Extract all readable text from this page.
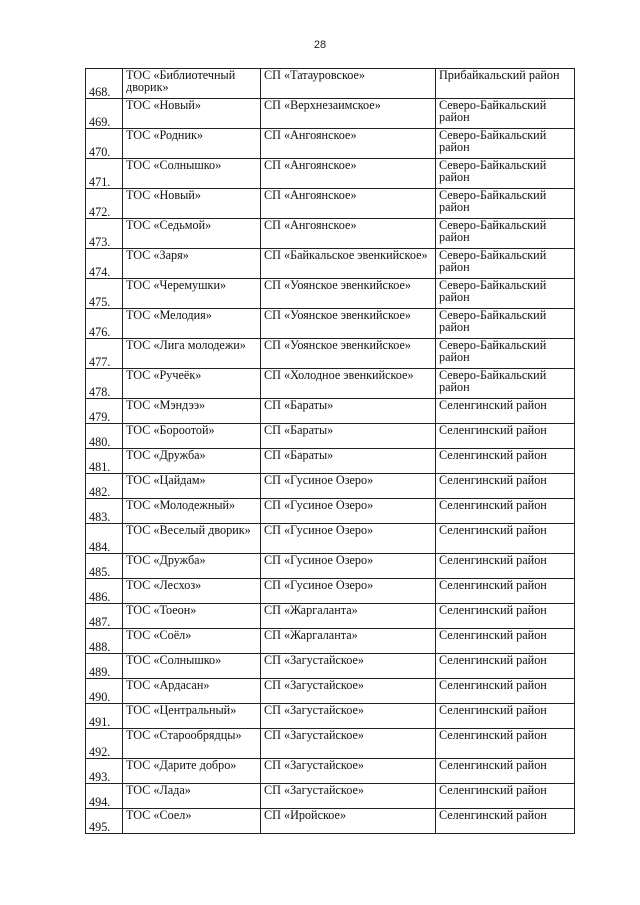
28
468.	ТОС «Библиотечный дворик»	СП «Татауровское»	Прибайкальский район
469.	ТОС «Новый»	СП «Верхнезаимское»	Северо-Байкальский район
470.	ТОС «Родник»	СП «Ангоянское»	Северо-Байкальский район
471.	ТОС «Солнышко»	СП «Ангоянское»	Северо-Байкальский район
472.	ТОС «Новый»	СП «Ангоянское»	Северо-Байкальский район
473.	ТОС «Седьмой»	СП «Ангоянское»	Северо-Байкальский район
474.	ТОС «Заря»	СП «Байкальское эвенкийское»	Северо-Байкальский район
475.	ТОС «Черемушки»	СП «Уоянское эвенкийское»	Северо-Байкальский район
476.	ТОС «Мелодия»	СП «Уоянское эвенкийское»	Северо-Байкальский район
477.	ТОС «Лига молодежи»	СП «Уоянское эвенкийское»	Северо-Байкальский район
478.	ТОС «Ручеёк»	СП «Холодное эвенкийское»	Северо-Байкальский район
479.	ТОС «Мэндээ»	СП «Бараты»	Селенгинский район
480.	ТОС «Бороотой»	СП «Бараты»	Селенгинский район
481.	ТОС «Дружба»	СП «Бараты»	Селенгинский район
482.	ТОС «Цайдам»	СП «Гусиное Озеро»	Селенгинский район
483.	ТОС «Молодежный»	СП «Гусиное Озеро»	Селенгинский район
484.	ТОС «Веселый дворик»	СП «Гусиное Озеро»	Селенгинский район
485.	ТОС «Дружба»	СП «Гусиное Озеро»	Селенгинский район
486.	ТОС «Лесхоз»	СП «Гусиное Озеро»	Селенгинский район
487.	ТОС «Тоеон»	СП «Жаргаланта»	Селенгинский район
488.	ТОС «Соёл»	СП «Жаргаланта»	Селенгинский район
489.	ТОС «Солнышко»	СП «Загустайское»	Селенгинский район
490.	ТОС «Ардасан»	СП «Загустайское»	Селенгинский район
491.	ТОС «Центральный»	СП «Загустайское»	Селенгинский район
492.	ТОС «Старообрядцы»	СП «Загустайское»	Селенгинский район
493.	ТОС «Дарите добро»	СП «Загустайское»	Селенгинский район
494.	ТОС «Лада»	СП «Загустайское»	Селенгинский район
495.	ТОС «Соел»	СП «Иройское»	Селенгинский район
